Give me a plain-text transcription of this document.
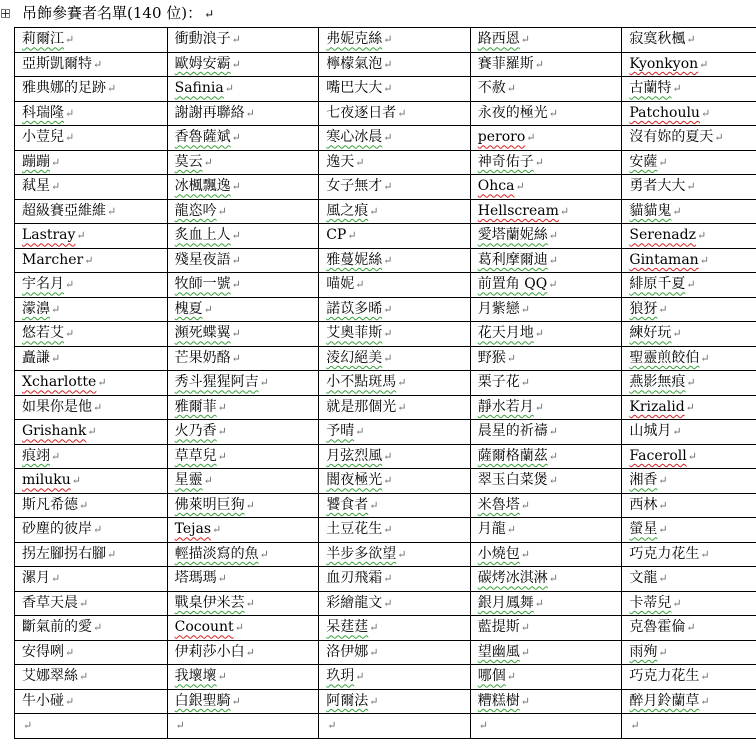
吊飾參賽者名單(140 位)： ↵
莉爾江↵	衝動浪子↵	弗妮克絲↵	路西恩↵	寂寞秋楓↵
亞斯凱爾特↵	歐姆安霸↵	檸檬氣泡↵	賽菲羅斯↵	Kyonkyon↵
雅典娜的足跡↵	Safinia↵	嘴巴大大↵	不赦↵	古蘭特↵
科瑞隆↵	謝謝再聯絡↵	七夜逐日者↵	永夜的極光↵	Patchoulu↵
小荳兒↵	香魯薩斌↵	寒心冰晨↵	peroro↵	沒有妳的夏天↵
蹦蹦↵	莫云↵	逸天↵	神奇佑子↵	安薩↵
弒星↵	冰楓飄逸↵	女子無才↵	Ohca↵	勇者大大↵
超級賽亞維維↵	龍恣吟↵	風之痕↵	Hellscream↵	貓貓鬼↵
Lastray↵	炙血上人↵	CP↵	愛塔蘭妮絲↵	Serenadz↵
Marcher↵	殘星夜語↵	雅蔓妮絲↵	葛利摩爾迪↵	Gintaman↵
宇名月↵	牧師一號↵	喵妮↵	前置角 QQ↵	緋原千夏↵
濛濞↵	槐夏↵	諾苡多晞↵	月紫戀↵	狼犽↵
悠若艾↵	瀕死蝶翼↵	艾奧菲斯↵	花天月地↵	練好玩↵
矗謙↵	芒果奶酪↵	淩幻絕美↵	野猴↵	聖靈煎餃伯↵
Xcharlotte↵	秀斗猩猩阿吉↵	小不點斑馬↵	栗子花↵	燕影無痕↵
如果你是他↵	雅爾菲↵	就是那個光↵	靜水若月↵	Krizalid↵
Grishank↵	火乃香↵	予晴↵	晨星的祈禱↵	山城月↵
痕翊↵	草草兒↵	月弦烈風↵	薩爾格蘭茲↵	Faceroll↵
miluku↵	星靈↵	闇夜極光↵	翠玉白菜煲↵	湘香↵
斯凡希德↵	佛萊明巨狗↵	饕食者↵	米魯塔↵	西林↵
砂塵的彼岸↵	Tejas↵	土豆花生↵	月龍↵	螢星↵
拐左腳拐右腳↵	輕描淡寫的魚↵	半步多欲望↵	小燒包↵	巧克力花生↵
漯月↵	塔瑪瑪↵	血刃飛霜↵	碳烤冰淇淋↵	文龍↵
香草天晨↵	戰臬伊米芸↵	彩繪龍文↵	銀月鳳舞↵	卡蒂兒↵
斷氣前的愛↵	Cocount↵	呆莛莛↵	藍提斯↵	克魯霍倫↵
安得咧↵	伊莉莎小白↵	洛伊娜↵	望幽風↵	雨殉↵
艾娜翠絲↵	我壞壞↵	玖玥↵	哪個↵	巧克力花生↵
牛小碰↵	白銀聖騎↵	阿爾法↵	糟糕樹↵	醉月鈴蘭草↵
↵	↵	↵	↵	↵
